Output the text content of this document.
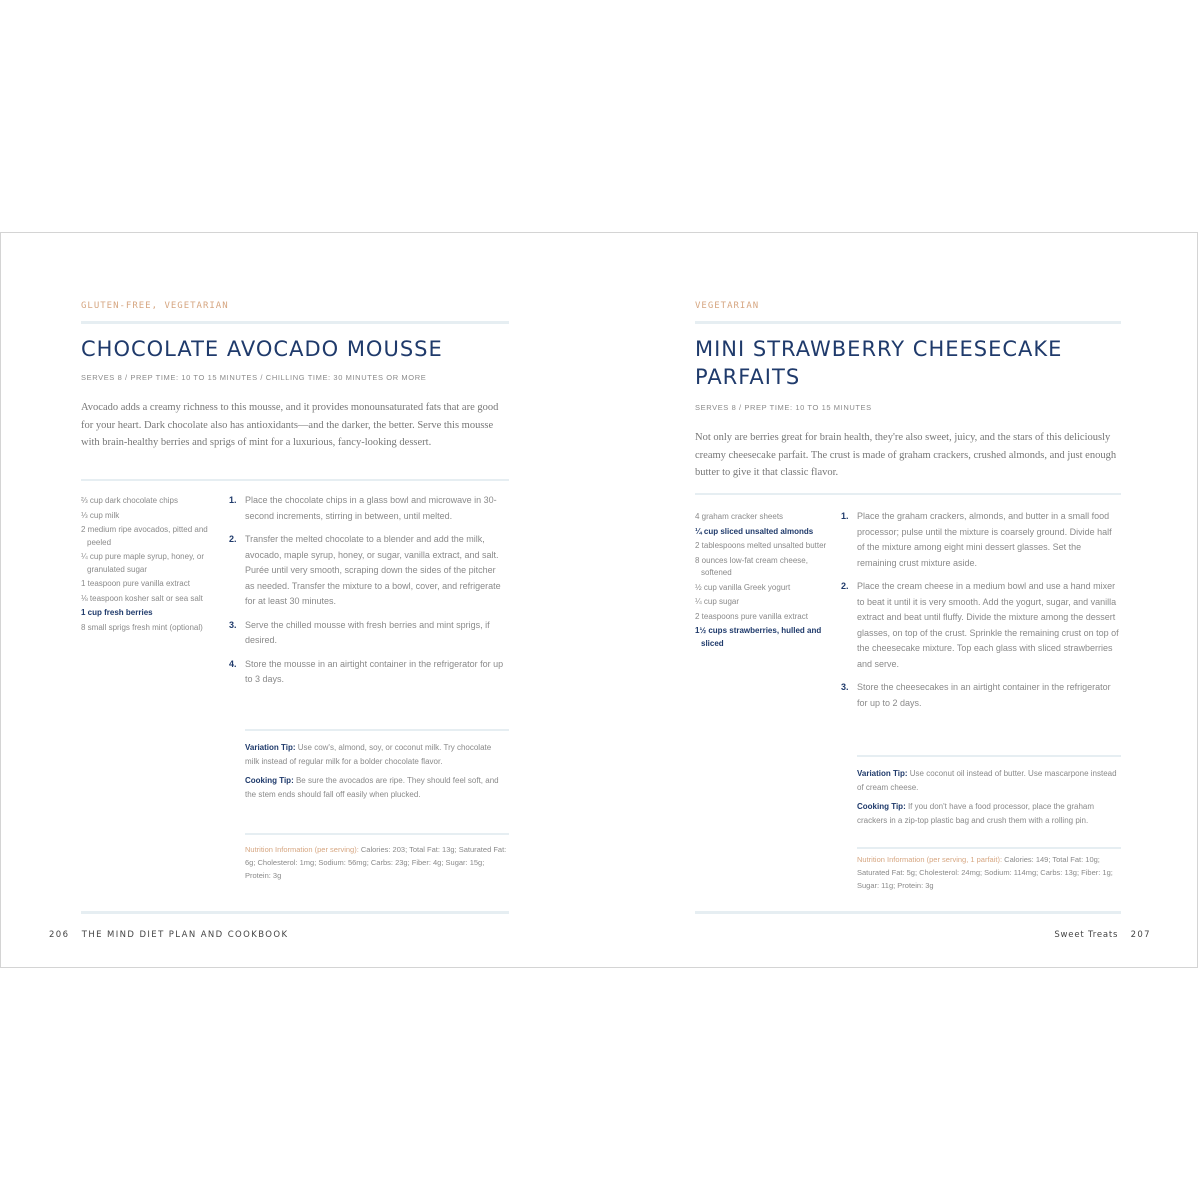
GLUTEN-FREE, VEGETARIAN
CHOCOLATE AVOCADO MOUSSE
SERVES 8 / PREP TIME: 10 TO 15 MINUTES / CHILLING TIME: 30 MINUTES OR MORE

Avocado adds a creamy richness to this mousse, and it provides monounsaturated fats that are good for your heart. Dark chocolate also has antioxidants—and the darker, the better. Serve this mousse with brain-healthy berries and sprigs of mint for a luxurious, fancy-looking dessert.

⅔ cup dark chocolate chips
⅓ cup milk
2 medium ripe avocados, pitted and peeled
¼ cup pure maple syrup, honey, or granulated sugar
1 teaspoon pure vanilla extract
⅛ teaspoon kosher salt or sea salt
1 cup fresh berries
8 small sprigs fresh mint (optional)
1. Place the chocolate chips in a glass bowl and microwave in 30-second increments, stirring in between, until melted.
2. Transfer the melted chocolate to a blender and add the milk, avocado, maple syrup, honey, or sugar, vanilla extract, and salt. Purée until very smooth, scraping down the sides of the pitcher as needed. Transfer the mixture to a bowl, cover, and refrigerate for at least 30 minutes.
3. Serve the chilled mousse with fresh berries and mint sprigs, if desired.
4. Store the mousse in an airtight container in the refrigerator for up to 3 days.

Variation Tip: Use cow's, almond, soy, or coconut milk. Try chocolate milk instead of regular milk for a bolder chocolate flavor.

Cooking Tip: Be sure the avocados are ripe. They should feel soft, and the stem ends should fall off easily when plucked.

Nutrition Information (per serving): Calories: 203; Total Fat: 13g; Saturated Fat: 6g; Cholesterol: 1mg; Sodium: 56mg; Carbs: 23g; Fiber: 4g; Sugar: 15g; Protein: 3g

206 THE MIND DIET PLAN AND COOKBOOK
VEGETARIAN
MINI STRAWBERRY CHEESECAKE
PARFAITS
SERVES 8 / PREP TIME: 10 TO 15 MINUTES

Not only are berries great for brain health, they're also sweet, juicy, and the stars of this deliciously creamy cheesecake parfait. The crust is made of graham crackers, crushed almonds, and just enough butter to give it that classic flavor.

4 graham cracker sheets
¼ cup sliced unsalted almonds
2 tablespoons melted unsalted butter
8 ounces low-fat cream cheese, softened
½ cup vanilla Greek yogurt
¼ cup sugar
2 teaspoons pure vanilla extract
1½ cups strawberries, hulled and sliced
1. Place the graham crackers, almonds, and butter in a small food processor; pulse until the mixture is coarsely ground. Divide half of the mixture among eight mini dessert glasses. Set the remaining crust mixture aside.
2. Place the cream cheese in a medium bowl and use a hand mixer to beat it until it is very smooth. Add the yogurt, sugar, and vanilla extract and beat until fluffy. Divide the mixture among the dessert glasses, on top of the crust. Sprinkle the remaining crust on top of the cheesecake mixture. Top each glass with sliced strawberries and serve.
3. Store the cheesecakes in an airtight container in the refrigerator for up to 2 days.

Variation Tip: Use coconut oil instead of butter. Use mascarpone instead of cream cheese.

Cooking Tip: If you don't have a food processor, place the graham crackers in a zip-top plastic bag and crush them with a rolling pin.

Nutrition Information (per serving, 1 parfait): Calories: 149; Total Fat: 10g; Saturated Fat: 5g; Cholesterol: 24mg; Sodium: 114mg; Carbs: 13g; Fiber: 1g; Sugar: 11g; Protein: 3g

Sweet Treats 207
